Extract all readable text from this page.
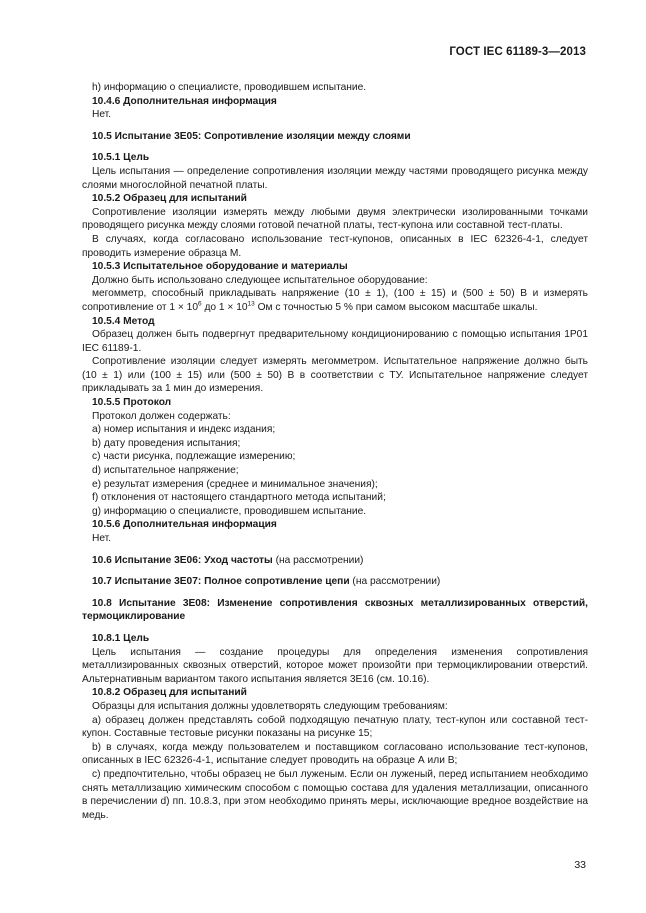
ГОСТ IEC 61189-3—2013

h) информацию о специалисте, проводившем испытание.

10.4.6 Дополнительная информация

Нет.

10.5 Испытание 3E05: Сопротивление изоляции между слоями

10.5.1 Цель

Цель испытания — определение сопротивления изоляции между частями проводящего рисунка между слоями многослойной печатной платы.

10.5.2 Образец для испытаний

Сопротивление изоляции измерять между любыми двумя электрически изолированными точками проводящего рисунка между слоями готовой печатной платы, тест-купона или составной тест-платы.

В случаях, когда согласовано использование тест-купонов, описанных в IEC 62326-4-1, следует проводить измерение образца М.

10.5.3 Испытательное оборудование и материалы

Должно быть использовано следующее испытательное оборудование:

мегомметр, способный прикладывать напряжение (10 ± 1), (100 ± 15) и (500 ± 50) В и измерять сопротивление от $1 \times 10^6$ до $1 \times 10^{13}$ Ом с точностью 5 % при самом высоком масштабе шкалы.

10.5.4 Метод

Образец должен быть подвергнут предварительному кондиционированию с помощью испытания 1P01 IEC 61189-1.

Сопротивление изоляции следует измерять мегомметром. Испытательное напряжение должно быть (10 ± 1) или (100 ± 15) или (500 ± 50) В в соответствии с ТУ. Испытательное напряжение следует прикладывать за 1 мин до измерения.

10.5.5 Протокол

Протокол должен содержать:

a) номер испытания и индекс издания;

b) дату проведения испытания;

c) части рисунка, подлежащие измерению;

d) испытательное напряжение;

e) результат измерения (среднее и минимальное значения);

f) отклонения от настоящего стандартного метода испытаний;

g) информацию о специалисте, проводившем испытание.

10.5.6 Дополнительная информация

Нет.

10.6 Испытание 3E06: Уход частоты (на рассмотрении)

10.7 Испытание 3E07: Полное сопротивление цепи (на рассмотрении)

10.8 Испытание 3E08: Изменение сопротивления сквозных металлизированных отверстий, термоциклирование

10.8.1 Цель

Цель испытания — создание процедуры для определения изменения сопротивления металлизированных сквозных отверстий, которое может произойти при термоциклировании отверстий. Альтернативным вариантом такого испытания является 3E16 (см. 10.16).

10.8.2 Образец для испытаний

Образцы для испытания должны удовлетворять следующим требованиям:

a) образец должен представлять собой подходящую печатную плату, тест-купон или составной тест-купон. Составные тестовые рисунки показаны на рисунке 15;

b) в случаях, когда между пользователем и поставщиком согласовано использование тест-купонов, описанных в IEC 62326-4-1, испытание следует проводить на образце А или В;

c) предпочтительно, чтобы образец не был луженым. Если он луженый, перед испытанием необходимо снять металлизацию химическим способом с помощью состава для удаления металлизации, описанного в перечислении d) пп. 10.8.3, при этом необходимо принять меры, исключающие вредное воздействие на медь.

33
